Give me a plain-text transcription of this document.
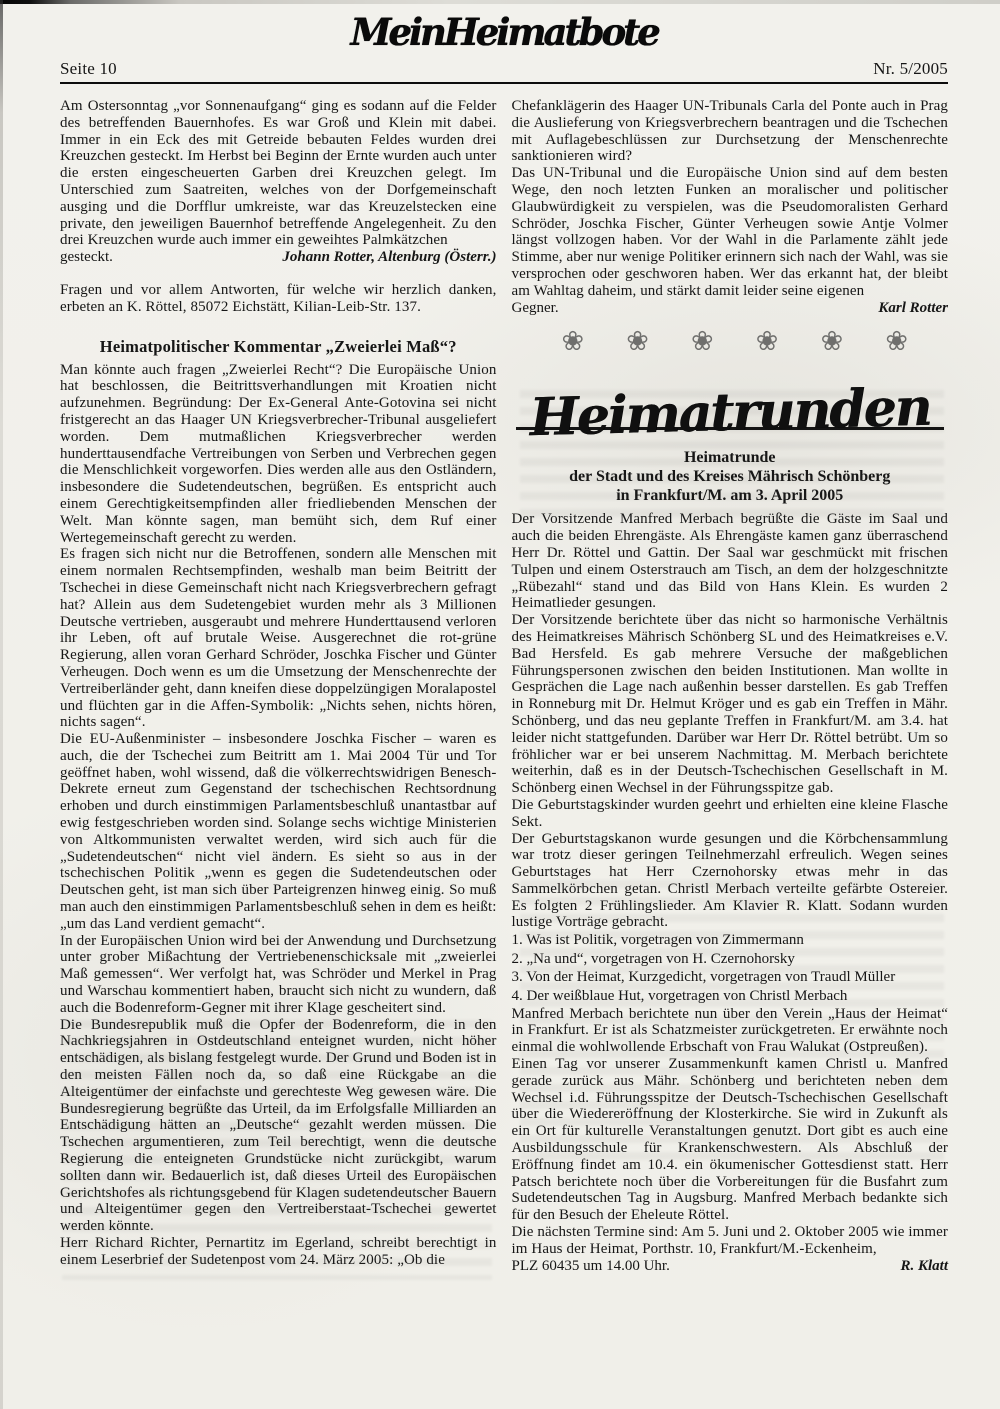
Seite 10
Mein Heimatbote
Nr. 5/2005

Am Ostersonntag „vor Sonnenaufgang“ ging es sodann auf die Felder des betreffenden Bauernhofes. Es war Groß und Klein mit dabei. Immer in ein Eck des mit Getreide bebauten Feldes wurden drei Kreuzchen gesteckt. Im Herbst bei Beginn der Ernte wurden auch unter die ersten eingescheuerten Garben drei Kreuzchen gelegt. Im Unterschied zum Saatreiten, welches von der Dorfgemeinschaft ausging und die Dorfflur umkreiste, war das Kreuzelstecken eine private, den jeweiligen Bauernhof betreffende Angelegenheit. Zu den drei Kreuzchen wurde auch immer ein geweihtes Palmkätzchen

gesteckt.	Johann Rotter, Altenburg (Österr.)

Fragen und vor allem Antworten, für welche wir herzlich danken, erbeten an K. Röttel, 85072 Eichstätt, Kilian-Leib-Str. 137.

Heimatpolitischer Kommentar „Zweierlei Maß“?

Man könnte auch fragen „Zweierlei Recht“? Die Europäische Union hat beschlossen, die Beitrittsverhandlungen mit Kroatien nicht aufzunehmen. Begründung: Der Ex-General Ante-Gotovina sei nicht fristgerecht an das Haager UN Kriegsverbrecher-Tribunal ausgeliefert worden. Dem mutmaßlichen Kriegsverbrecher werden hunderttausendfache Vertreibungen von Serben und Verbrechen gegen die Menschlichkeit vorgeworfen. Dies werden alle aus den Ostländern, insbesondere die Sudetendeutschen, begrüßen. Es entspricht auch einem Gerechtigkeitsempfinden aller friedliebenden Menschen der Welt. Man könnte sagen, man bemüht sich, dem Ruf einer Wertegemeinschaft gerecht zu werden.

Es fragen sich nicht nur die Betroffenen, sondern alle Menschen mit einem normalen Rechtsempfinden, weshalb man beim Beitritt der Tschechei in diese Gemeinschaft nicht nach Kriegsverbrechern gefragt hat? Allein aus dem Sudetengebiet wurden mehr als 3 Millionen Deutsche vertrieben, ausgeraubt und mehrere Hunderttausend verloren ihr Leben, oft auf brutale Weise. Ausgerechnet die rot-grüne Regierung, allen voran Gerhard Schröder, Joschka Fischer und Günter Verheugen. Doch wenn es um die Umsetzung der Menschenrechte der Vertreiberländer geht, dann kneifen diese doppelzüngigen Moralapostel und flüchten gar in die Affen-Symbolik: „Nichts sehen, nichts hören, nichts sagen“.

Die EU-Außenminister – insbesondere Joschka Fischer – waren es auch, die der Tschechei zum Beitritt am 1. Mai 2004 Tür und Tor geöffnet haben, wohl wissend, daß die völkerrechtswidrigen Benesch-Dekrete erneut zum Gegenstand der tschechischen Rechtsordnung erhoben und durch einstimmigen Parlamentsbeschluß unantastbar auf ewig festgeschrieben worden sind. Solange sechs wichtige Ministerien von Altkommunisten verwaltet werden, wird sich auch für die „Sudetendeutschen“ nicht viel ändern. Es sieht so aus in der tschechischen Politik „wenn es gegen die Sudetendeutschen oder Deutschen geht, ist man sich über Parteigrenzen hinweg einig. So muß man auch den einstimmigen Parlamentsbeschluß sehen in dem es heißt: „um das Land verdient gemacht“.

In der Europäischen Union wird bei der Anwendung und Durchsetzung unter grober Mißachtung der Vertriebenenschicksale mit „zweierlei Maß gemessen“. Wer verfolgt hat, was Schröder und Merkel in Prag und Warschau kommentiert haben, braucht sich nicht zu wundern, daß auch die Bodenreform-Gegner mit ihrer Klage gescheitert sind.

Die Bundesrepublik muß die Opfer der Bodenreform, die in den Nachkriegsjahren in Ostdeutschland enteignet wurden, nicht höher entschädigen, als bislang festgelegt wurde. Der Grund und Boden ist in den meisten Fällen noch da, so daß eine Rückgabe an die Alteigentümer der einfachste und gerechteste Weg gewesen wäre. Die Bundesregierung begrüßte das Urteil, da im Erfolgsfalle Milliarden an Entschädigung hätten an „Deutsche“ gezahlt werden müssen. Die Tschechen argumentieren, zum Teil berechtigt, wenn die deutsche Regierung die enteigneten Grundstücke nicht zurückgibt, warum sollten dann wir. Bedauerlich ist, daß dieses Urteil des Europäischen Gerichtshofes als richtungsgebend für Klagen sudetendeutscher Bauern und Alteigentümer gegen den Vertreiberstaat-Tschechei gewertet werden könnte.

Herr Richard Richter, Pernartitz im Egerland, schreibt berechtigt in einem Leserbrief der Sudetenpost vom 24. März 2005: „Ob die

Chefanklägerin des Haager UN-Tribunals Carla del Ponte auch in Prag die Auslieferung von Kriegsverbrechern beantragen und die Tschechen mit Auflagebeschlüssen zur Durchsetzung der Menschenrechte sanktionieren wird?

Das UN-Tribunal und die Europäische Union sind auf dem besten Wege, den noch letzten Funken an moralischer und politischer Glaubwürdigkeit zu verspielen, was die Pseudomoralisten Gerhard Schröder, Joschka Fischer, Günter Verheugen sowie Antje Volmer längst vollzogen haben. Vor der Wahl in die Parlamente zählt jede Stimme, aber nur wenige Politiker erinnern sich nach der Wahl, was sie versprochen oder geschworen haben. Wer das erkannt hat, der bleibt am Wahltag daheim, und stärkt damit leider seine eigenen

Gegner.	Karl Rotter
❀ ❀ ❀ ❀ ❀ ❀
Heimatrunden
Heimatrunde
der Stadt und des Kreises Mährisch Schönberg
in Frankfurt/M. am 3. April 2005

Der Vorsitzende Manfred Merbach begrüßte die Gäste im Saal und auch die beiden Ehrengäste. Als Ehrengäste kamen ganz überraschend Herr Dr. Röttel und Gattin. Der Saal war geschmückt mit frischen Tulpen und einem Osterstrauch am Tisch, an dem der holzgeschnitzte „Rübezahl“ stand und das Bild von Hans Klein. Es wurden 2 Heimatlieder gesungen.

Der Vorsitzende berichtete über das nicht so harmonische Verhältnis des Heimatkreises Mährisch Schönberg SL und des Heimatkreises e.V. Bad Hersfeld. Es gab mehrere Versuche der maßgeblichen Führungspersonen zwischen den beiden Institutionen. Man wollte in Gesprächen die Lage nach außenhin besser darstellen. Es gab Treffen in Ronneburg mit Dr. Helmut Kröger und es gab ein Treffen in Mähr. Schönberg, und das neu geplante Treffen in Frankfurt/M. am 3.4. hat leider nicht stattgefunden. Darüber war Herr Dr. Röttel betrübt. Um so fröhlicher war er bei unserem Nachmittag. M. Merbach berichtete weiterhin, daß es in der Deutsch-Tschechischen Gesellschaft in M. Schönberg einen Wechsel in der Führungsspitze gab.

Die Geburtstagskinder wurden geehrt und erhielten eine kleine Flasche Sekt.

Der Geburtstagskanon wurde gesungen und die Körbchensammlung war trotz dieser geringen Teilnehmerzahl erfreulich. Wegen seines Geburtstages hat Herr Czernohorsky etwas mehr in das Sammelkörbchen getan. Christl Merbach verteilte gefärbte Ostereier. Es folgten 2 Frühlingslieder. Am Klavier R. Klatt. Sodann wurden lustige Vorträge gebracht.

1. Was ist Politik, vorgetragen von Zimmermann
2. „Na und“, vorgetragen von H. Czernohorsky
3. Von der Heimat, Kurzgedicht, vorgetragen von Traudl Müller
4. Der weißblaue Hut, vorgetragen von Christl Merbach

Manfred Merbach berichtete nun über den Verein „Haus der Heimat“ in Frankfurt. Er ist als Schatzmeister zurückgetreten. Er erwähnte noch einmal die wohlwollende Erbschaft von Frau Walukat (Ostpreußen).

Einen Tag vor unserer Zusammenkunft kamen Christl u. Manfred gerade zurück aus Mähr. Schönberg und berichteten neben dem Wechsel i.d. Führungsspitze der Deutsch-Tschechischen Gesellschaft über die Wiedereröffnung der Klosterkirche. Sie wird in Zukunft als ein Ort für kulturelle Veranstaltungen genutzt. Dort gibt es auch eine Ausbildungsschule für Krankenschwestern. Als Abschluß der Eröffnung findet am 10.4. ein ökumenischer Gottesdienst statt. Herr Patsch berichtete noch über die Vorbereitungen für die Busfahrt zum Sudetendeutschen Tag in Augsburg. Manfred Merbach bedankte sich für den Besuch der Eheleute Röttel.

Die nächsten Termine sind: Am 5. Juni und 2. Oktober 2005 wie immer im Haus der Heimat, Porthstr. 10, Frankfurt/M.-Eckenheim,

PLZ 60435 um 14.00 Uhr.	R. Klatt
